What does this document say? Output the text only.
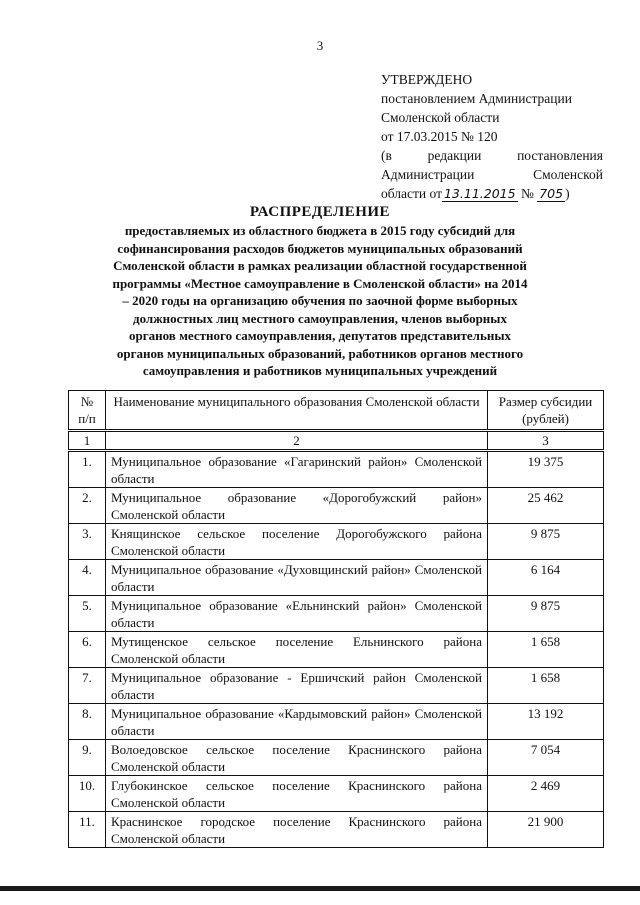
3
УТВЕРЖДЕНО
постановлением Администрации
Смоленской области
от 17.03.2015 № 120
(в редакции постановления
Администрации Смоленской
области от 13.11.2015 № 705 )
РАСПРЕДЕЛЕНИЕ
предоставляемых из областного бюджета в 2015 году субсидий для софинансирования расходов бюджетов муниципальных образований Смоленской области в рамках реализации областной государственной программы «Местное самоуправление в Смоленской области» на 2014 – 2020 годы на организацию обучения по заочной форме выборных должностных лиц местного самоуправления, членов выборных органов местного самоуправления, депутатов представительных органов муниципальных образований, работников органов местного самоуправления и работников муниципальных учреждений
№ п/п	Наименование муниципального образования Смоленской области	Размер субсидии (рублей)
1	2	3
1.	Муниципальное образование «Гагаринский район» Смоленской области	19 375
2.	Муниципальное образование «Дорогобужский район» Смоленской области	25 462
3.	Княщинское сельское поселение Дорогобужского района Смоленской области	9 875
4.	Муниципальное образование «Духовщинский район» Смоленской области	6 164
5.	Муниципальное образование «Ельнинский район» Смоленской области	9 875
6.	Мутищенское сельское поселение Ельнинского района Смоленской области	1 658
7.	Муниципальное образование - Ершичский район Смоленской области	1 658
8.	Муниципальное образование «Кардымовский район» Смоленской области	13 192
9.	Волоедовское сельское поселение Краснинского района Смоленской области	7 054
10.	Глубокинское сельское поселение Краснинского района Смоленской области	2 469
11.	Краснинское городское поселение Краснинского района Смоленской области	21 900
